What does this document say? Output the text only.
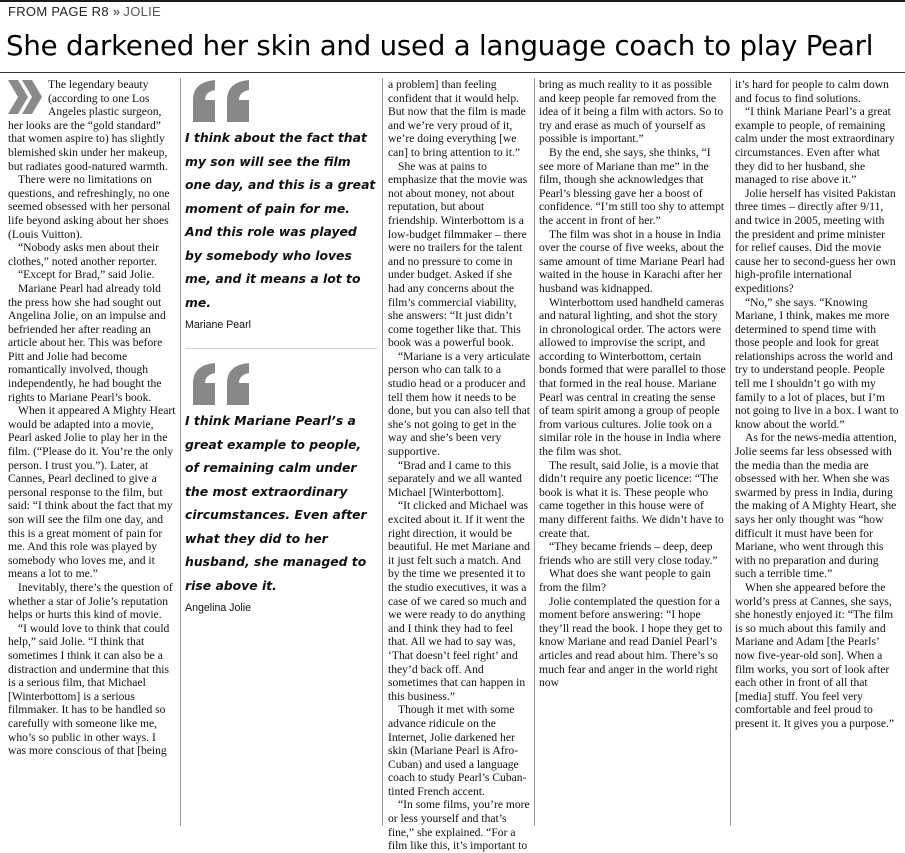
FROM PAGE R8 » JOLIE
She darkened her skin and used a language coach to play Pearl

The legendary beauty (according to one Los Angeles plastic surgeon, her looks are the “gold standard” that women aspire to) has slightly blemished skin under her makeup, but radiates good-natured warmth.

There were no limitations on questions, and refreshingly, no one seemed obsessed with her personal life beyond asking about her shoes (Louis Vuitton).

“Nobody asks men about their clothes,” noted another reporter.

“Except for Brad,” said Jolie.

Mariane Pearl had already told the press how she had sought out Angelina Jolie, on an impulse and befriended her after reading an article about her. This was before Pitt and Jolie had become romantically involved, though independently, he had bought the rights to Mariane Pearl’s book.

When it appeared A Mighty Heart would be adapted into a movie, Pearl asked Jolie to play her in the film. (“Please do it. You’re the only person. I trust you.”). Later, at Cannes, Pearl declined to give a personal response to the film, but said: “I think about the fact that my son will see the film one day, and this is a great moment of pain for me. And this role was played by somebody who loves me, and it means a lot to me.”

Inevitably, there’s the question of whether a star of Jolie’s reputation helps or hurts this kind of movie.

“I would love to think that could help,” said Jolie. “I think that sometimes I think it can also be a distraction and undermine that this is a serious film, that Michael [Winterbottom] is a serious filmmaker. It has to be handled so carefully with someone like me, who’s so public in other ways. I was more conscious of that [being

I think about the fact that my son will see the film one day, and this is a great moment of pain for me. And this role was played by somebody who loves me, and it means a lot to me.

Mariane Pearl

I think Mariane Pearl’s a great example to people, of remaining calm under the most extraordinary circumstances. Even after what they did to her husband, she managed to rise above it.

Angelina Jolie

a problem] than feeling confident that it would help. But now that the film is made and we’re very proud of it, we’re doing everything [we can] to bring attention to it.”

She was at pains to emphasize that the movie was not about money, not about reputation, but about friendship. Winterbottom is a low-budget filmmaker – there were no trailers for the talent and no pressure to come in under budget. Asked if she had any concerns about the film’s commercial viability, she answers: “It just didn’t come together like that. This book was a powerful book.

“Mariane is a very articulate person who can talk to a studio head or a producer and tell them how it needs to be done, but you can also tell that she’s not going to get in the way and she’s been very supportive.

“Brad and I came to this separately and we all wanted Michael [Winterbottom].

“It clicked and Michael was excited about it. If it went the right direction, it would be beautiful. He met Mariane and it just felt such a match. And by the time we presented it to the studio executives, it was a case of we cared so much and we were ready to do anything and I think they had to feel that. All we had to say was, ‘That doesn’t feel right’ and they’d back off. And sometimes that can happen in this business.”

Though it met with some advance ridicule on the Internet, Jolie darkened her skin (Mariane Pearl is Afro-Cuban) and used a language coach to study Pearl’s Cuban-tinted French accent.

“In some films, you’re more or less yourself and that’s fine,” she explained. “For a film like this, it’s important to

bring as much reality to it as possible and keep people far removed from the idea of it being a film with actors. So to try and erase as much of yourself as possible is important.”

By the end, she says, she thinks, “I see more of Mariane than me” in the film, though she acknowledges that Pearl’s blessing gave her a boost of confidence. “I’m still too shy to attempt the accent in front of her.”

The film was shot in a house in India over the course of five weeks, about the same amount of time Mariane Pearl had waited in the house in Karachi after her husband was kidnapped.

Winterbottom used handheld cameras and natural lighting, and shot the story in chronological order. The actors were allowed to improvise the script, and according to Winterbottom, certain bonds formed that were parallel to those that formed in the real house. Mariane Pearl was central in creating the sense of team spirit among a group of people from various cultures. Jolie took on a similar role in the house in India where the film was shot.

The result, said Jolie, is a movie that didn’t require any poetic licence: “The book is what it is. These people who came together in this house were of many different faiths. We didn’t have to create that.

“They became friends – deep, deep friends who are still very close today.”

What does she want people to gain from the film?

Jolie contemplated the question for a moment before answering: “I hope they’ll read the book. I hope they get to know Mariane and read Daniel Pearl’s articles and read about him. There’s so much fear and anger in the world right now

it’s hard for people to calm down and focus to find solutions.

“I think Mariane Pearl’s a great example to people, of remaining calm under the most extraordinary circumstances. Even after what they did to her husband, she managed to rise above it.”

Jolie herself has visited Pakistan three times – directly after 9/11, and twice in 2005, meeting with the president and prime minister for relief causes. Did the movie cause her to second-guess her own high-profile international expeditions?

“No,” she says. “Knowing Mariane, I think, makes me more determined to spend time with those people and look for great relationships across the world and try to understand people. People tell me I shouldn’t go with my family to a lot of places, but I’m not going to live in a box. I want to know about the world.”

As for the news-media attention, Jolie seems far less obsessed with the media than the media are obsessed with her. When she was swarmed by press in India, during the making of A Mighty Heart, she says her only thought was “how difficult it must have been for Mariane, who went through this with no preparation and during such a terrible time.”

When she appeared before the world’s press at Cannes, she says, she honestly enjoyed it: “The film is so much about this family and Mariane and Adam [the Pearls’ now five-year-old son]. When a film works, you sort of look after each other in front of all that [media] stuff. You feel very comfortable and feel proud to present it. It gives you a purpose.”
